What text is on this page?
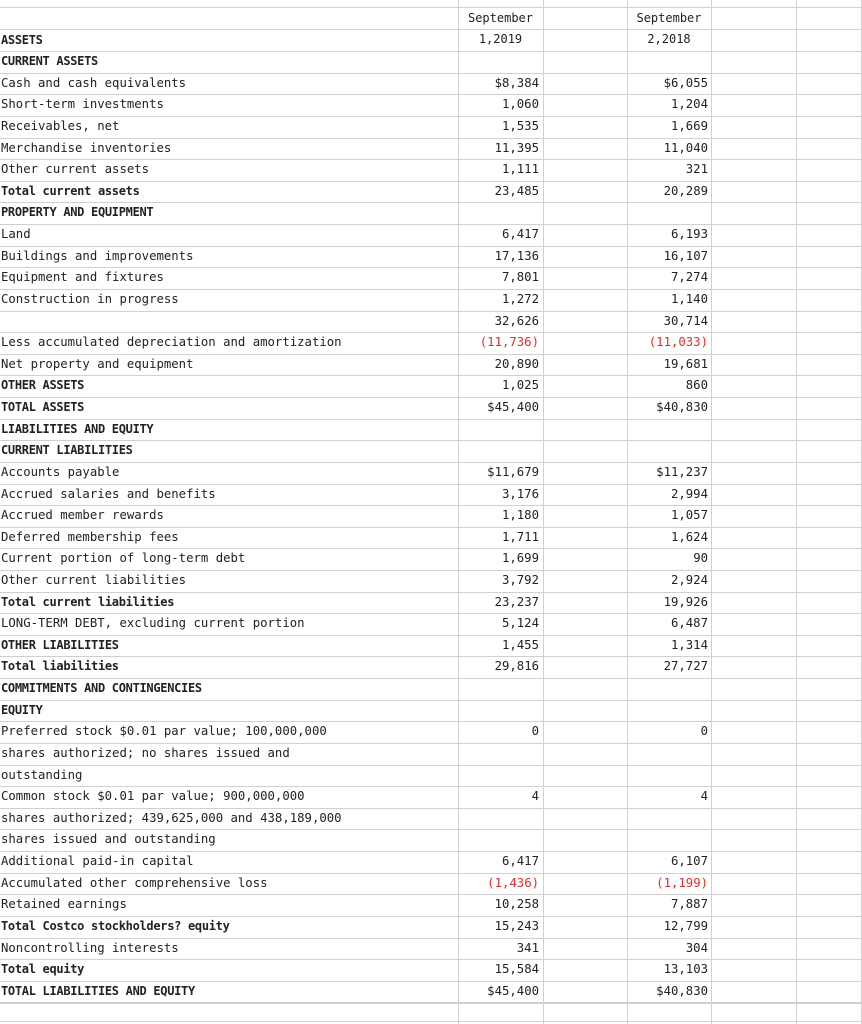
September 1,2019
September 2,2018
ASSETS
CURRENT ASSETS
Cash and cash equivalents	$8,384	$6,055
Short-term investments	1,060	1,204
Receivables, net	1,535	1,669
Merchandise inventories	11,395	11,040
Other current assets	1,111	321
Total current assets	23,485	20,289
PROPERTY AND EQUIPMENT
Land	6,417	6,193
Buildings and improvements	17,136	16,107
Equipment and fixtures	7,801	7,274
Construction in progress	1,272	1,140
32,626	30,714
Less accumulated depreciation and amortization	(11,736)	(11,033)
Net property and equipment	20,890	19,681
OTHER ASSETS	1,025	860
TOTAL ASSETS	$45,400	$40,830
LIABILITIES AND EQUITY
CURRENT LIABILITIES
Accounts payable	$11,679	$11,237
Accrued salaries and benefits	3,176	2,994
Accrued member rewards	1,180	1,057
Deferred membership fees	1,711	1,624
Current portion of long-term debt	1,699	90
Other current liabilities	3,792	2,924
Total current liabilities	23,237	19,926
LONG-TERM DEBT, excluding current portion	5,124	6,487
OTHER LIABILITIES	1,455	1,314
Total liabilities	29,816	27,727
COMMITMENTS AND CONTINGENCIES
EQUITY
Preferred stock $0.01 par value; 100,000,000	0	0
shares authorized; no shares issued and
outstanding
Common stock $0.01 par value; 900,000,000	4	4
shares authorized; 439,625,000 and 438,189,000
shares issued and outstanding
Additional paid-in capital	6,417	6,107
Accumulated other comprehensive loss	(1,436)	(1,199)
Retained earnings	10,258	7,887
Total Costco stockholders? equity	15,243	12,799
Noncontrolling interests	341	304
Total equity	15,584	13,103
TOTAL LIABILITIES AND EQUITY	$45,400	$40,830
